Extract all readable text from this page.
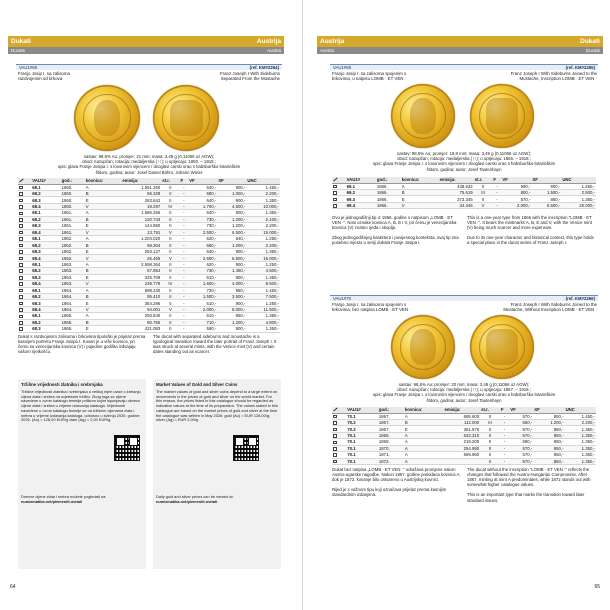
Dukati	Austrija
Ducats	Austria
VAU1#68	(ref. KM#2264)
Franjo Josip I. sa zalisoma
razdvojenim od brkova
Franz Joseph I With Sideburns
Separated From the Mustache
sastav: 98,6% Au; promjer: 21 mm; masa: 3,49 g (0,11066 oz AGW);
obod: nazupčan; rotacija: medaljerska (↑↑); u optjecaju: 1860. – 1918.;
opis: glava Franje Josipa I. s lovorovim vijencem / dvoglavi carski orao s habsburško-lotarinškim
štitom, godina; autor: Josef Daniel Böhm, Johann Wiess
	VAU1#	god.:	kovnica:	emisija:	st.r.	F	VF	XF	UNC
	68.1	1860.	A	1.061.260	II	-	640,-	900,-	1.450,-
	68.2	1860.	B	55.328	II	-	680,-	1.000,-	2.200,-
	68.3	1860.	E	263.642	II	-	640,-	900,-	1.350,-
	68.4	1860.	V	19.297	IV	-	1.700,-	4.500,-	10.000,-
	68.1	1861.	A	1.586.256	II	-	640,-	900,-	1.350,-
	68.2	1861.	B	120.743	II	-	730,-	1.200,-	2.100,-
	68.3	1861.	E	144.850	II	-	730,-	1.200,-	2.200,-
	68.4	1861.	V	13.791	V	-	2.500,-	6.500,-	15.000,-
	68.1	1862.	A	1.204.020	II	-	620,-	840,-	1.250,-
	68.2	1862.	B	68.304	II	-	680,-	1.000,-	2.200,-
	68.3	1862.	E	253.127	II	-	640,-	900,-	1.350,-
	68.4	1862.	V	25.465	V	-	2.500,-	6.500,-	15.000,-
	68.1	1863.	A	2.598.364	II	-	620,-	900,-	1.250,-
	68.2	1863.	B	57.854	II	-	730,-	1.450,-	4.500,-
	68.3	1863.	E	325.709	II	-	610,-	900,-	1.350,-
	68.4	1863.	V	239.778	IV	-	1.600,-	4.000,-	9.500,-
	68.1	1864.	A	598.230	II	-	720,-	960,-	1.450,-
	68.2	1864.	B	95.410	II	-	1.500,-	3.500,-	7.500,-
	68.3	1864.	E	364.286	II	-	610,-	900,-	1.250,-
	68.4	1864.	V	94.001	V	-	2.000,-	5.000,-	11.500,-
	68.1	1865.	A	293.840	II	-	610,-	850,-	1.350,-
	68.2	1865.	B	80.765	II	-	710,-	1.200,-	4.800,-
	68.3	1865.	E	421.083	II	-	590,-	900,-	1.350,-
Dukat s razdvojenim zalisoma i brkovima tipološki je prijelaz prema kasnijem portretu Franje Josipa I. Kovan je u više kovnica, pri čemu su venecijanska kovnica (V) i pojedine godišta izdvajaju vašom rijetkošću.
The ducat with separated sideburns and moustache is a typological transition toward the later portrait of Franz Joseph I. It was struck at several mints, with the Venice mint (V) and certain dates standing out as scarcer.
Tržišne vrijednosti zlatnika i srebrnjaka
Tržišne vrijednosti zlatnika i srebrnjaka u velikoj mjeri ovise o kretanju cijena zlata i srebra na svjetskom tržištu. Zbog toga se cijene navedene u ovom katalogu temelje prilikom kojim ispunjavaju obvezu cijene zlata i srebra u vrijeme izdavanja kataloga. Vrijednosti navedene u ovom katalogu temelje se na tržišnim cijenama zlata i srebra u vrijeme izdavanja kataloga, odnosno u svibnju 2026. godine: 2026. (Au) = 128,00 EUR/g zlato (Ag) = 2,00 EUR/g.
Dnevne cijene zlata i srebra možete pogledati na:
numizmatika.net/plemeniti-metali
Market Values of Gold and Silver Coins
The market values of gold and silver coins depend to a large extent on movements in the prices of gold and silver on the world market. For this reason, the prices listed in this catalogue should be regarded as indicative values at the time of its preparation. The values stated in this catalogue are based on the market prices of gold and silver at the time the catalogue was written in May 2026: gold (Au) = EUR 128,00/g; silver (Ag) = EUR 2,00/g.
Daily gold and silver prices can be viewed at:
numizmatika.net/plemeniti-metali
64
Austrija	Dukati
Austria	Ducats
VAU1#69	(ref. KM#2265)
Franjo Josip I. sa zalisoma spojenim s
brkovima, u natpisu LOMB · ET VEN ·
Franz Joseph I With Sideburns Joined to the
Mustache, Inscription LOMB · ET VEN ·
sastav: 98,6% Au; promjer: 19,8 mm; masa: 3,49 g (0,11066 oz AGW);
obod: nazupčan; rotacija: medaljerska (↑↑); u optjecaju: 1866. – 1918.;
opis: glava Franje Josipa I. s lovorovim vijencem / dvoglavi carski orao s habsburško-lotarinškim
štitom, godina; autor: Josef Tautenhayn
	VAU1#	god.:	kovnica:	emisija:	st.r.	F	VF	XF	UNC
	69.1	1866.	A	438.632	II	-	590,-	900,-	1.450,-
	69.2	1866.	B	75.619	III	-	800,-	1.500,-	2.500,-
	69.3	1866.	E	373.345	II	-	570,-	850,-	1.350,-
	69.4	1866.	V	34.346	V	-	2.000,-	5.500,-	25.000,-
Ovo je jednogodišnji tip iz 1866. godine s natpisom „LOMB · ET VEN ·". Nosi oznake kovnica A, B, E i V, pri čemu je venecijanska kovnica (V) znatno rjeđa i skuplja.

Zbog jednogodišnjeg karaktera i povijesnog konteksta, ovaj tip ima posebno mjesto u seriji dukata Franje Josipa I.
This is a one-year type from 1866 with the inscription "LOMB · ET VEN ·". It bears the mintmarks A, B, E and V, with the Venice mint (V) being much scarcer and more expensive.

Due to its one-year character and historical context, this type holds a special place in the ducat series of Franz Joseph I.
VAU1#70	(ref. KM#2266)
Franjo Josip I. sa zalisoma spojenim s
brkovima, bez natpisa LOMB · ET VEN ·
Franz Joseph I With Sideburns Joined to the
Mustache, Without Inscription LOMB · ET VEN ·
sastav: 98,6% Au; promjer: 20 mm; masa: 3,49 g (0,11066 oz AGW);
obod: nazupčan; rotacija: medaljerska (↑↑); u optjecaju: 1867. – 1918.;
opis: glava Franje Josipa I. s lovorovim vijencem / dvoglavi carski orao s habsburško-lotarinškim
štitom, godina; autor: Josef Tautenhayn
	VAU1#	god.:	kovnica:	emisija:	st.r.	F	VF	XF	UNC
	70.1	1867.	A	695.600	II	-	570,-	850,-	1.450,-
	70.2	1867.	B	112.000	III	-	650,-	1.200,-	2.200,-
	70.3	1867.	E	361.975	II	-	570,-	850,-	1.350,-
	70.1	1868.	A	633.310	II	-	570,-	850,-	1.350,-
	70.1	1869.	A	219.200	II	-	590,-	850,-	1.350,-
	70.1	1870.	A	254.950	II	-	570,-	850,-	1.350,-
	70.1	1871.	A	669.960	II	-	570,-	850,-	1.350,-
	70.1	1872.	A		II	-	570,-	850,-	1.350,-
Dukat bez natpisa „LOMB · ET VEN ·" odražava promjene nakon Austro-ugarske nagodbe. Nakon 1867. godine prekidaca kovnica A, dok je 1872. kovanje bilo ostvareno u Austrijskoj kovnici.

Rijed je s važnom tipu koji označava prijelaz prema kasnijim standardnim izdanjima.
The ducat without the inscription "LOMB · ET VEN ·" reflects the changes that followed the Austro-Hungarian Compromise. After 1867, minting at mint A predominates, while 1872 stands out with somewhat higher catalogue values.

This is an important type that marks the transition toward later standard issues.
65
